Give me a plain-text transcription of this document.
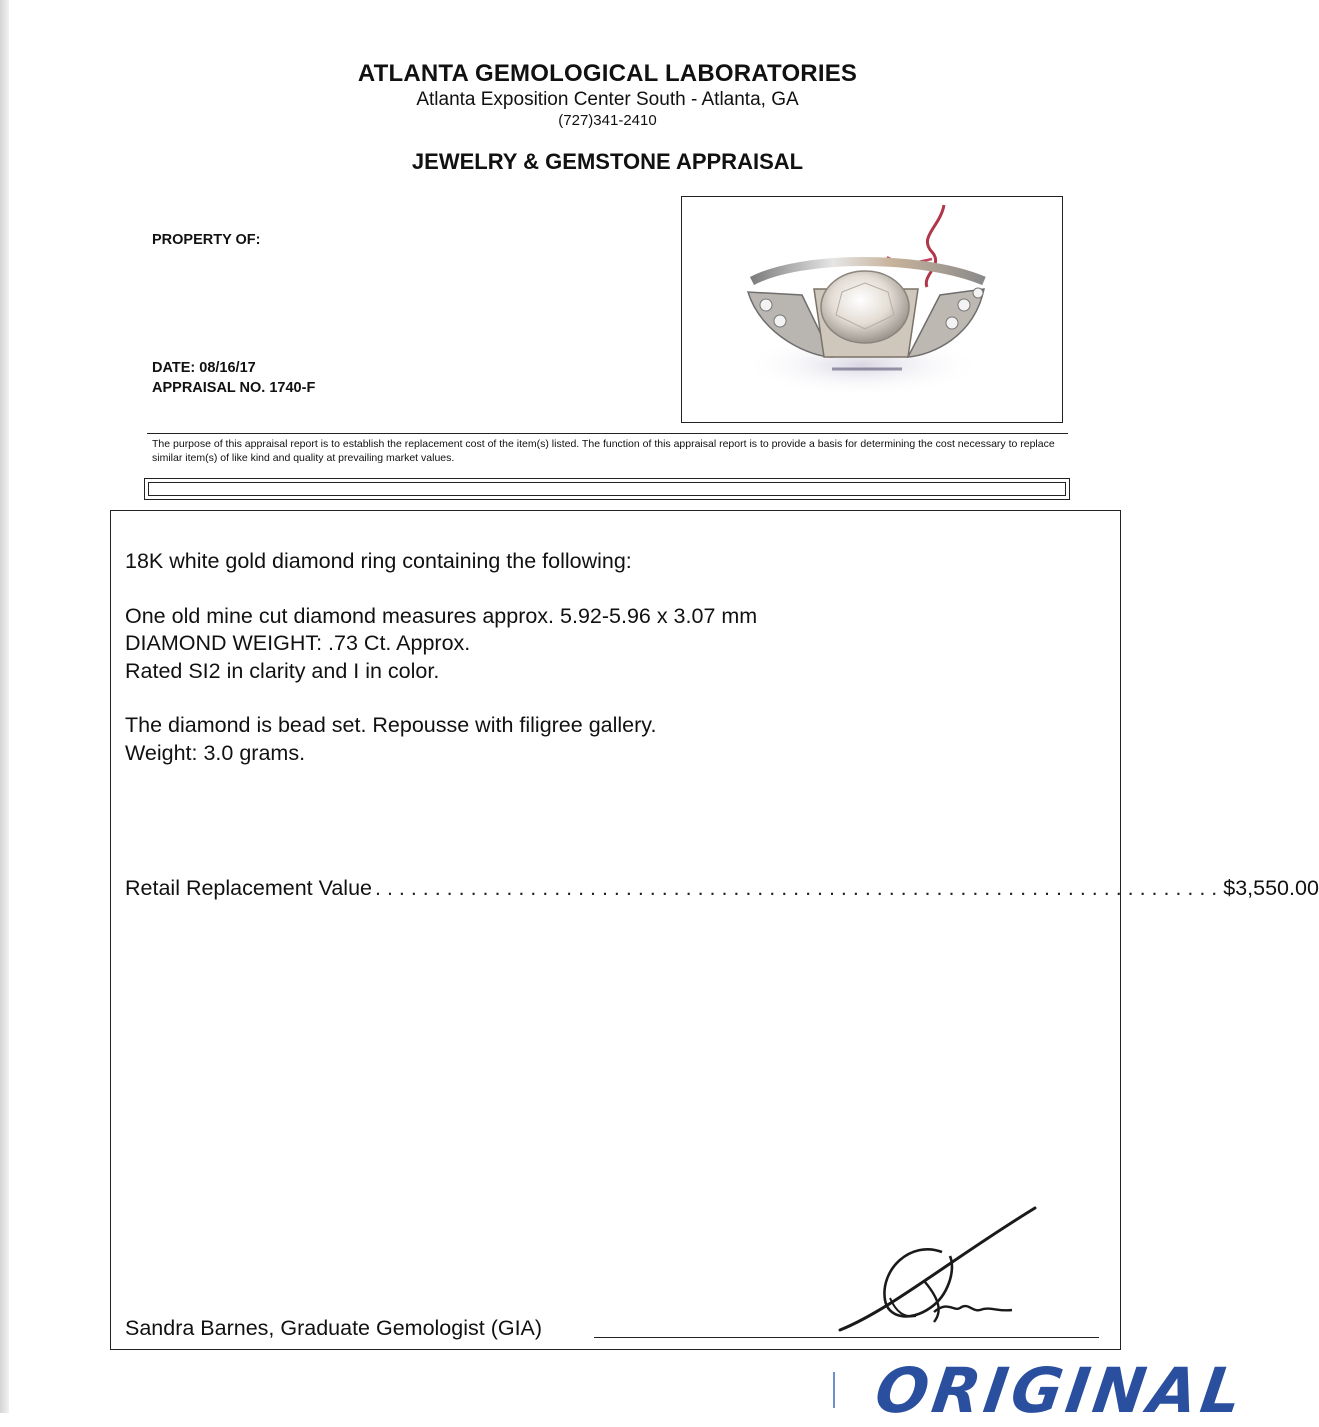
ATLANTA GEMOLOGICAL LABORATORIES
Atlanta Exposition Center South - Atlanta, GA
(727)341-2410
JEWELRY & GEMSTONE APPRAISAL
PROPERTY OF:
DATE: 08/16/17
APPRAISAL NO. 1740-F
The purpose of this appraisal report is to establish the replacement cost of the item(s) listed. The function of this appraisal report is to provide a basis for determining the cost necessary to replace similar item(s) of like kind and quality at prevailing market values.
18K white gold diamond ring containing the following:
One old mine cut diamond measures approx. 5.92-5.96 x 3.07 mm
DIAMOND WEIGHT: .73 Ct. Approx.
Rated SI2 in clarity and I in color.
The diamond is bead set. Repousse with filigree gallery.
Weight: 3.0 grams.
Retail Replacement Value
. . .	$3,550.00
Sandra Barnes, Graduate Gemologist (GIA)
ORIGINAL
